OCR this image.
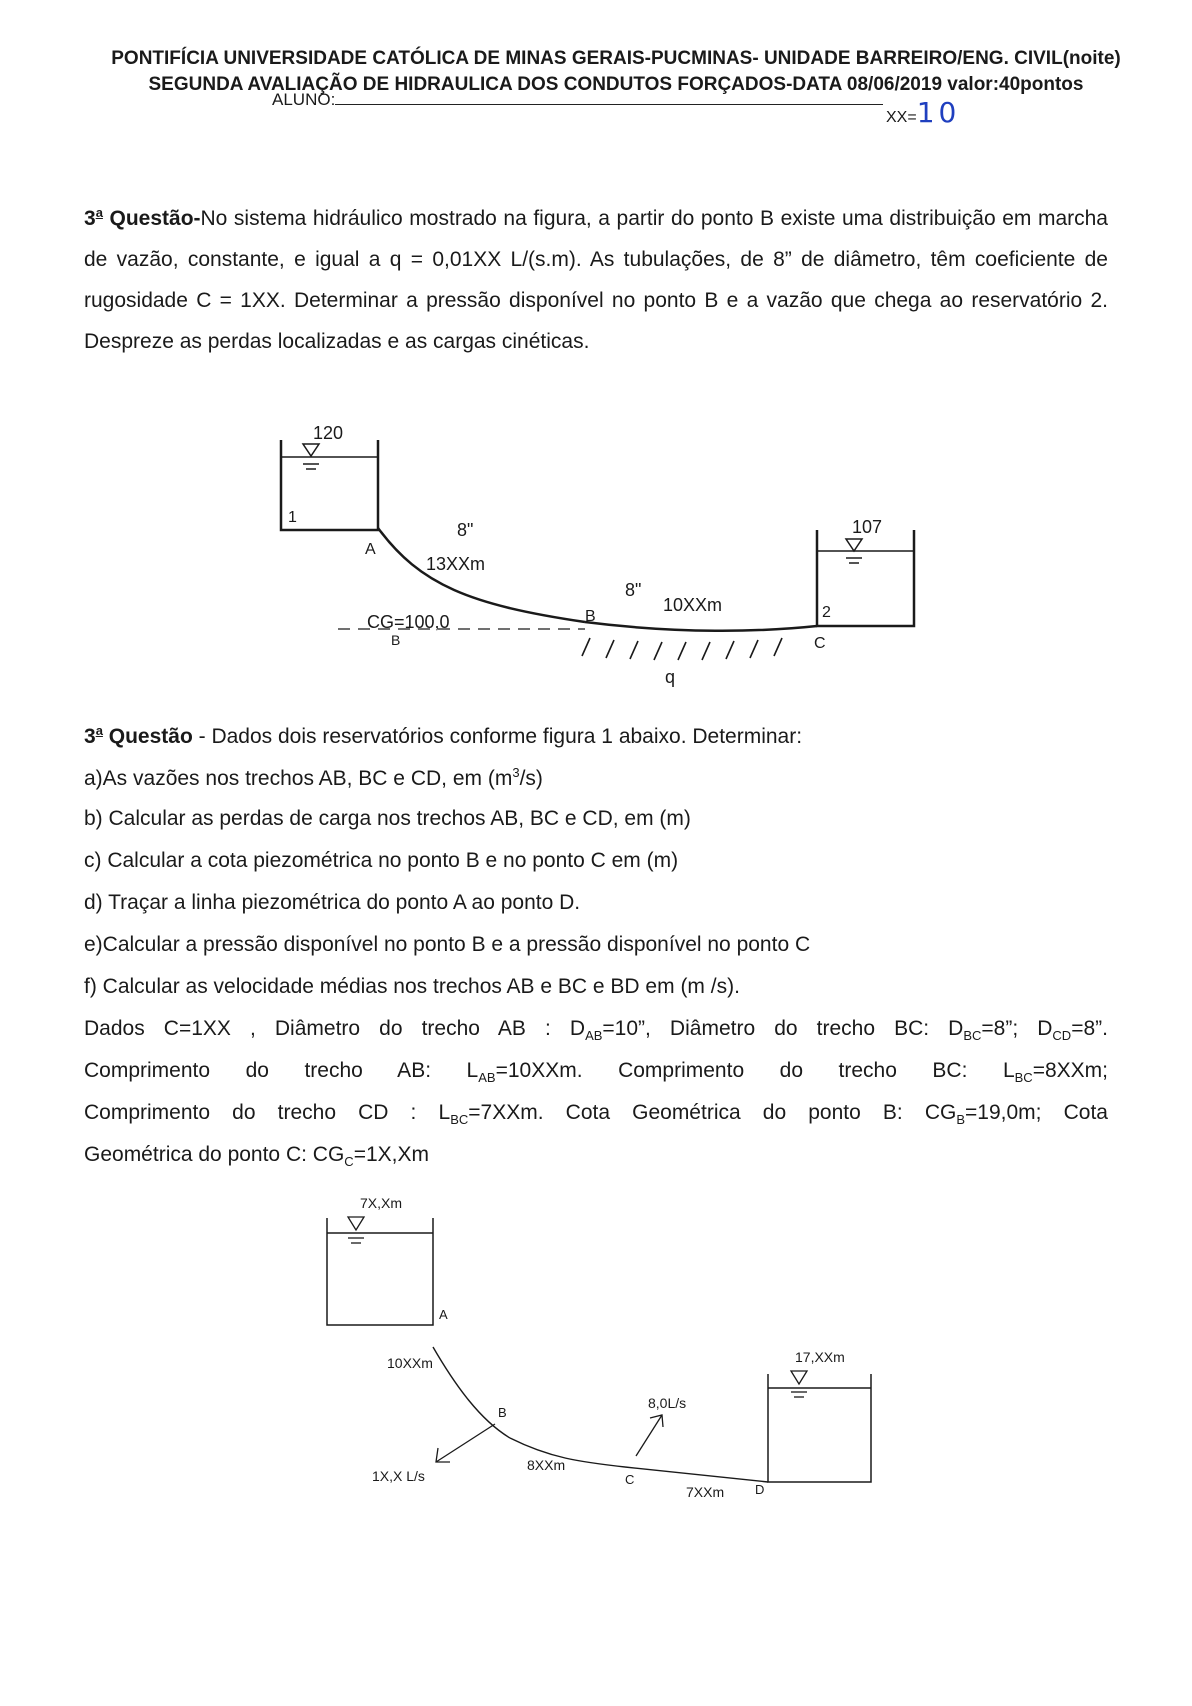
PONTIFÍCIA UNIVERSIDADE CATÓLICA DE MINAS GERAIS-PUCMINAS- UNIDADE BARREIRO/ENG. CIVIL(noite)
SEGUNDA AVALIAÇÃO DE HIDRAULICA DOS CONDUTOS FORÇADOS-DATA 08/06/2019 valor:40pontos
ALUNO:
XX=10
3$^a$ Questão-No sistema hidráulico mostrado na figura, a partir do ponto B existe uma distribuição em marcha de vazão, constante, e igual a q = 0,01XX L/(s.m). As tubulações, de 8” de diâmetro, têm coeficiente de rugosidade C = 1XX. Determinar a pressão disponível no ponto B e a vazão que chega ao reservatório 2. Despreze as perdas localizadas e as cargas cinéticas.
120
1	107
2
A
8"
13XXm
8"
10XXm
B
C
CG=100,0
B
q
3$^a$ Questão - Dados dois reservatórios conforme figura 1 abaixo. Determinar:
a)As vazões nos trechos AB, BC e CD, em $(m^3/s)$
b) Calcular as perdas de carga nos trechos AB, BC e CD, em (m)
c) Calcular a cota piezométrica no ponto B e no ponto C em (m)
d) Traçar a linha piezométrica do ponto A ao ponto D.
e)Calcular a pressão disponível no ponto B e a pressão disponível no ponto C
f) Calcular as velocidade médias nos trechos AB e BC e BD em (m /s).
Dados C=1XX , Diâmetro do trecho AB : $D_{AB}=10$”, Diâmetro do trecho BC: $D_{BC}=8$”; $D_{CD}=8$”.
Comprimento do trecho AB: $L_{AB}=10XXm$. Comprimento do trecho BC: $L_{BC}=8XXm$;
Comprimento do trecho CD : $L_{BC}=7XXm$. Cota Geométrica do ponto B: $CG_B=19,0m$; Cota
Geométrica do ponto C: $CG_C=1X,Xm$
7X,Xm
A
17,XXm
10XXm
B
1X,X L/s
8XXm
8,0L/s
C
7XXm D
